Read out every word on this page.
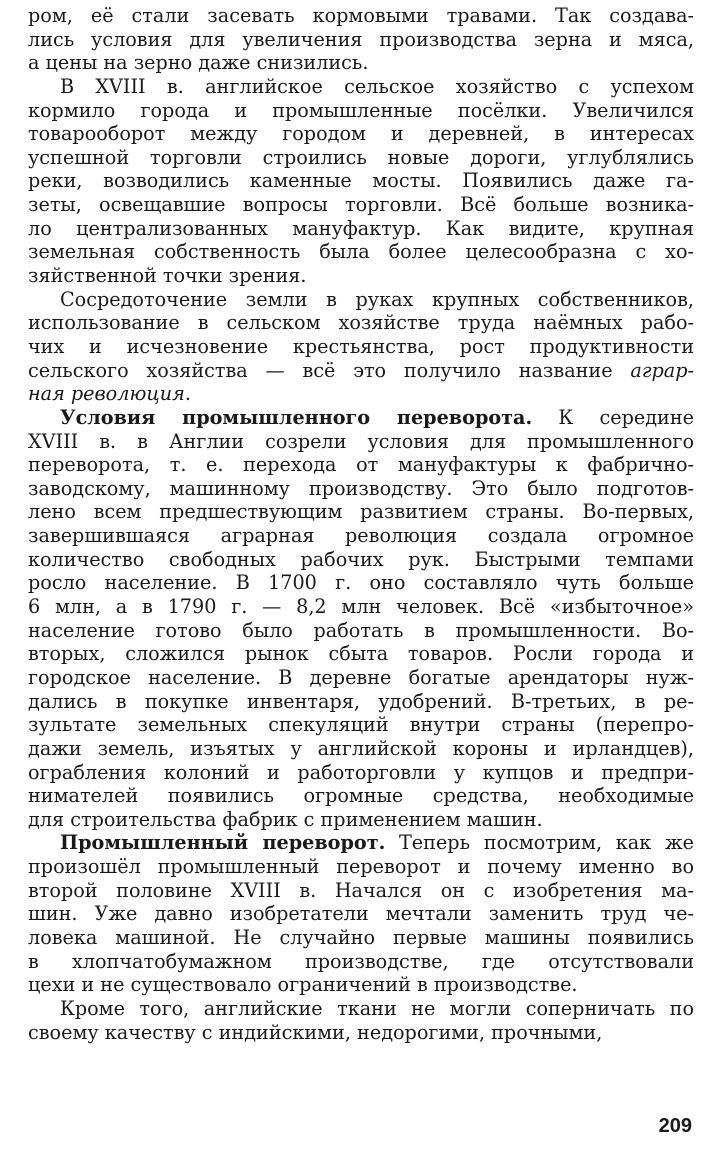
ром, её стали засевать кормовыми травами. Так создава-
лись условия для увеличения производства зерна и мяса,
а цены на зерно даже снизились.
В XVIII в. английское сельское хозяйство с успехом
кормило города и промышленные посёлки. Увеличился
товарооборот между городом и деревней, в интересах
успешной торговли строились новые дороги, углублялись
реки, возводились каменные мосты. Появились даже га-
зеты, освещавшие вопросы торговли. Всё больше возника-
ло централизованных мануфактур. Как видите, крупная
земельная собственность была более целесообразна с хо-
зяйственной точки зрения.
Сосредоточение земли в руках крупных собственников,
использование в сельском хозяйстве труда наёмных рабо-
чих и исчезновение крестьянства, рост продуктивности
сельского хозяйства — всё это получило название аграр-
ная революция.
Условия промышленного переворота. К середине
XVIII в. в Англии созрели условия для промышленного
переворота, т. е. перехода от мануфактуры к фабрично-
заводскому, машинному производству. Это было подготов-
лено всем предшествующим развитием страны. Во-первых,
завершившаяся аграрная революция создала огромное
количество свободных рабочих рук. Быстрыми темпами
росло население. В 1700 г. оно составляло чуть больше
6 млн, а в 1790 г. — 8,2 млн человек. Всё «избыточное»
население готово было работать в промышленности. Во-
вторых, сложился рынок сбыта товаров. Росли города и
городское население. В деревне богатые арендаторы нуж-
дались в покупке инвентаря, удобрений. В-третьих, в ре-
зультате земельных спекуляций внутри страны (перепро-
дажи земель, изъятых у английской короны и ирландцев),
ограбления колоний и работорговли у купцов и предпри-
нимателей появились огромные средства, необходимые
для строительства фабрик с применением машин.
Промышленный переворот. Теперь посмотрим, как же
произошёл промышленный переворот и почему именно во
второй половине XVIII в. Начался он с изобретения ма-
шин. Уже давно изобретатели мечтали заменить труд че-
ловека машиной. Не случайно первые машины появились
в хлопчатобумажном производстве, где отсутствовали
цехи и не существовало ограничений в производстве.
Кроме того, английские ткани не могли соперничать по
своему качеству с индийскими, недорогими, прочными,
209
